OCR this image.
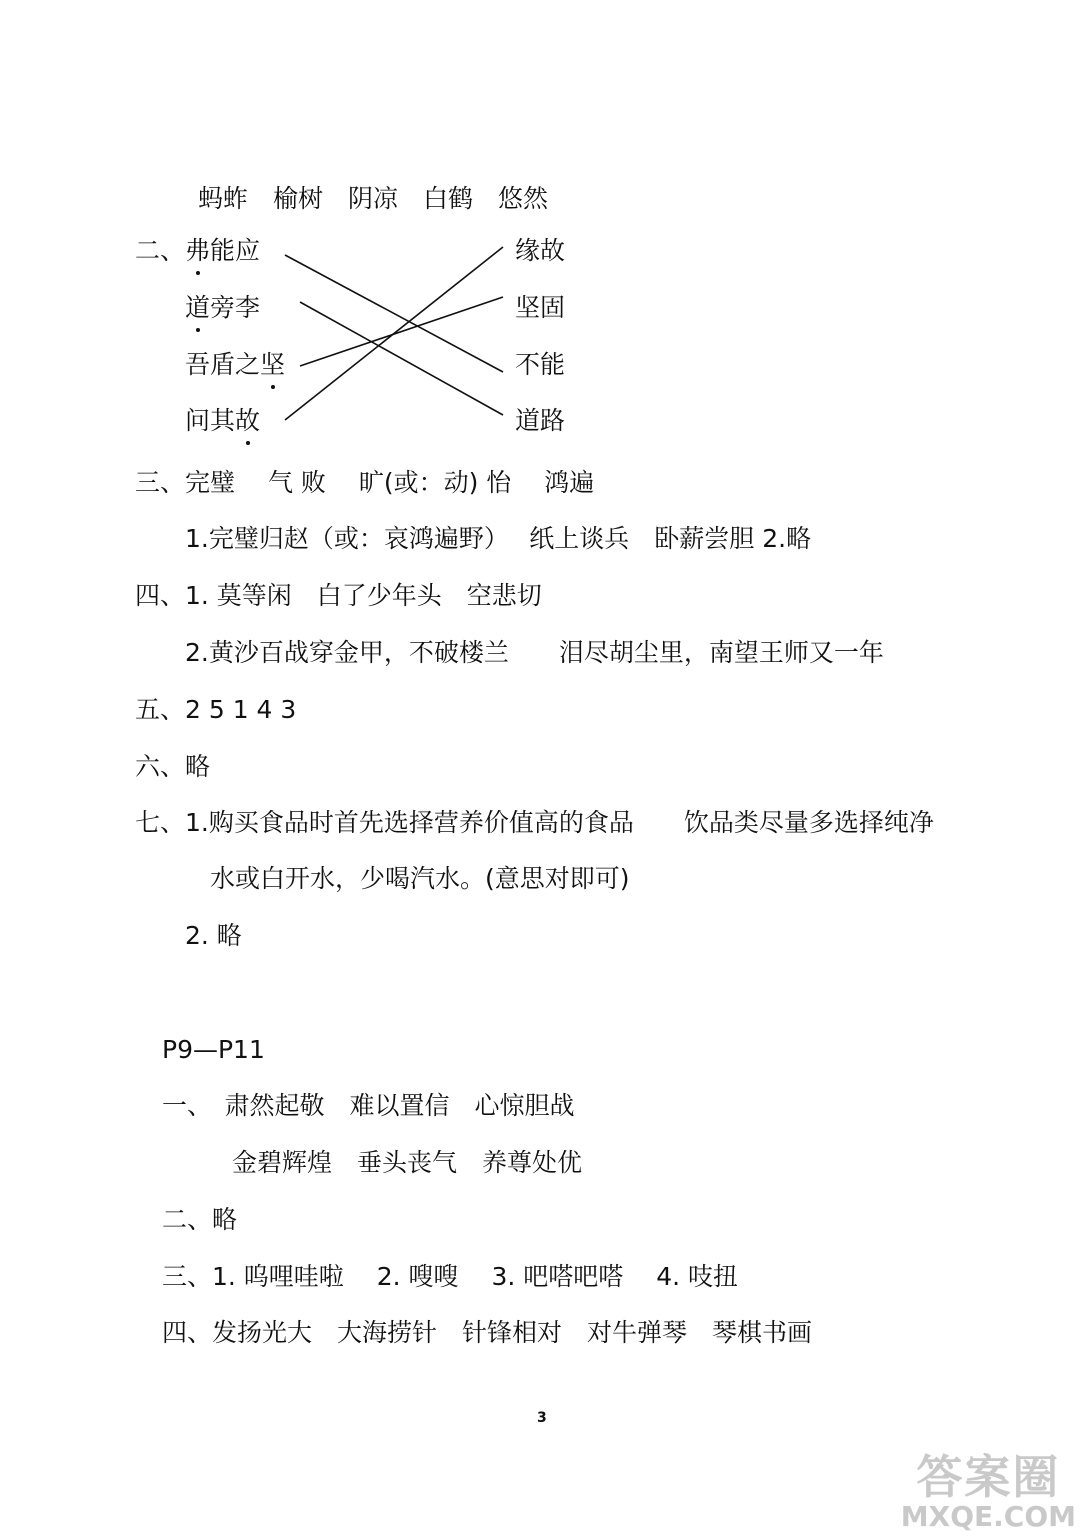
蚂蚱　榆树　阴凉　白鹤　悠然
二、 弗能应
道旁李
吾盾之坚
问其故
缘故
坚固
不能
道路
三、完璧　 气 败　 旷(或：动) 怡　 鸿遍
1.完璧归赵（或：哀鸿遍野）　 纸上谈兵　卧薪尝胆 2.略
四、1. 莫等闲　白了少年头　空悲切
2.黄沙百战穿金甲，不破楼兰　　泪尽胡尘里，南望王师又一年
五、2 5 1 4 3
六、略
七、1.购买食品时首先选择营养价值高的食品　　饮品类尽量多选择纯净
水或白开水，少喝汽水。(意思对即可)
2. 略
P9—P11
一、　肃然起敬　难以置信　心惊胆战
金碧辉煌　垂头丧气　养尊处优
二、略
三、1. 呜哩哇啦　 2. 嗖嗖　 3. 吧嗒吧嗒　 4. 吱扭
四、发扬光大　大海捞针　针锋相对　对牛弹琴　琴棋书画
3
答案圈
MXQE.COM
